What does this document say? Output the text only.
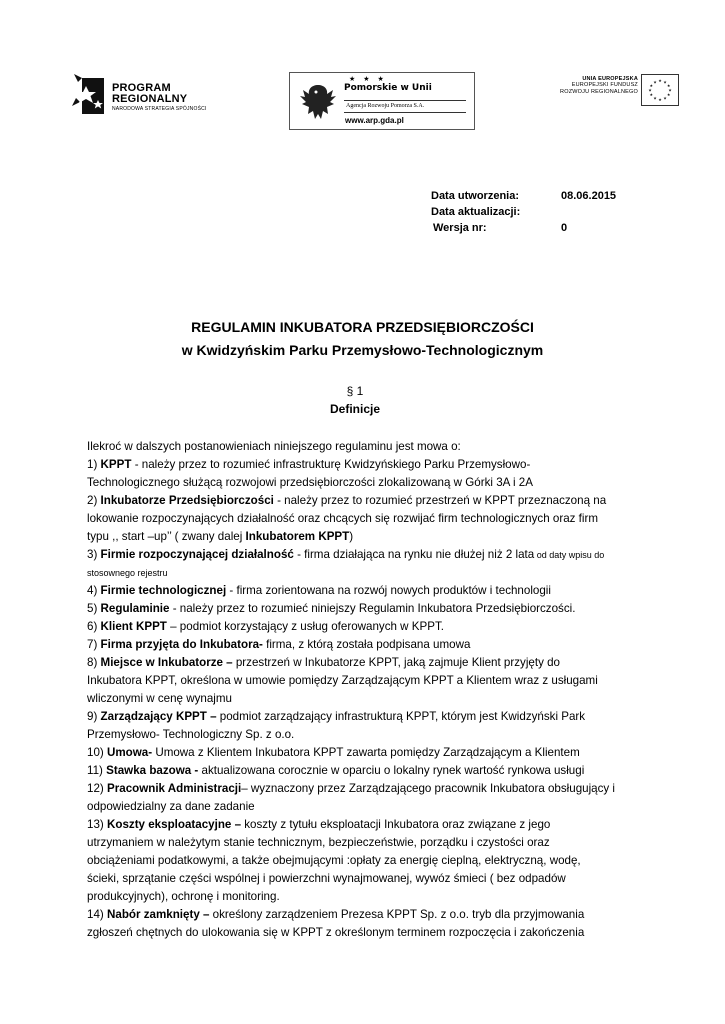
PROGRAM
REGIONALNY
NARODOWA STRATEGIA SPÓJNOŚCI
★ ★ ★
Pomorskie w Unii
Agencja Rozwoju Pomorza S.A.
www.arp.gda.pl
UNIA EUROPEJSKA
EUROPEJSKI FUNDUSZ
ROZWOJU REGIONALNEGO
★ ★
★
★
★
★
★
★
★
★
★
★
Data utworzenia:	08.06.2015
Data aktualizacji:
Wersja nr:	0
REGULAMIN INKUBATORA PRZEDSIĘBIORCZOŚCI
w Kwidzyńskim Parku Przemysłowo-Technologicznym
§ 1
Definicje
Ilekroć w dalszych postanowieniach niniejszego regulaminu jest mowa o:
1) KPPT - należy przez to rozumieć infrastrukturę Kwidzyńskiego Parku Przemysłowo-
Technologicznego służącą rozwojowi przedsiębiorczości zlokalizowaną w Górki 3A i 2A
2) Inkubatorze Przedsiębiorczości - należy przez to rozumieć przestrzeń w KPPT przeznaczoną na
lokowanie rozpoczynających działalność oraz chcących się rozwijać firm technologicznych oraz firm
typu ,, start –up’’ ( zwany dalej Inkubatorem KPPT)
3) Firmie rozpoczynającej działalność - firma działająca na rynku nie dłużej niż 2 lata od daty wpisu do
stosownego rejestru
4) Firmie technologicznej - firma zorientowana na rozwój nowych produktów i technologii
5) Regulaminie - należy przez to rozumieć niniejszy Regulamin Inkubatora Przedsiębiorczości.
6) Klient KPPT – podmiot korzystający z usług oferowanych w KPPT.
7) Firma przyjęta do Inkubatora- firma, z którą została podpisana umowa
8) Miejsce w Inkubatorze – przestrzeń w Inkubatorze KPPT, jaką zajmuje Klient przyjęty do
Inkubatora KPPT, określona w umowie pomiędzy Zarządzającym KPPT a Klientem wraz z usługami
wliczonymi w cenę wynajmu
9) Zarządzający KPPT – podmiot zarządzający infrastrukturą KPPT, którym jest Kwidzyński Park
Przemysłowo- Technologiczny Sp. z o.o.
10) Umowa- Umowa z Klientem Inkubatora KPPT zawarta pomiędzy Zarządzającym a Klientem
11) Stawka bazowa - aktualizowana corocznie w oparciu o lokalny rynek wartość rynkowa usługi
12) Pracownik Administracji– wyznaczony przez Zarządzającego pracownik Inkubatora obsługujący i
odpowiedzialny za dane zadanie
13) Koszty eksploatacyjne – koszty z tytułu eksploatacji Inkubatora oraz związane z jego
utrzymaniem w należytym stanie technicznym, bezpieczeństwie, porządku i czystości oraz
obciążeniami podatkowymi, a także obejmującymi :opłaty za energię cieplną, elektryczną, wodę,
ścieki, sprzątanie części wspólnej i powierzchni wynajmowanej, wywóz śmieci ( bez odpadów
produkcyjnych), ochronę i monitoring.
14) Nabór zamknięty – określony zarządzeniem Prezesa KPPT Sp. z o.o. tryb dla przyjmowania
zgłoszeń chętnych do ulokowania się w KPPT z określonym terminem rozpoczęcia i zakończenia
